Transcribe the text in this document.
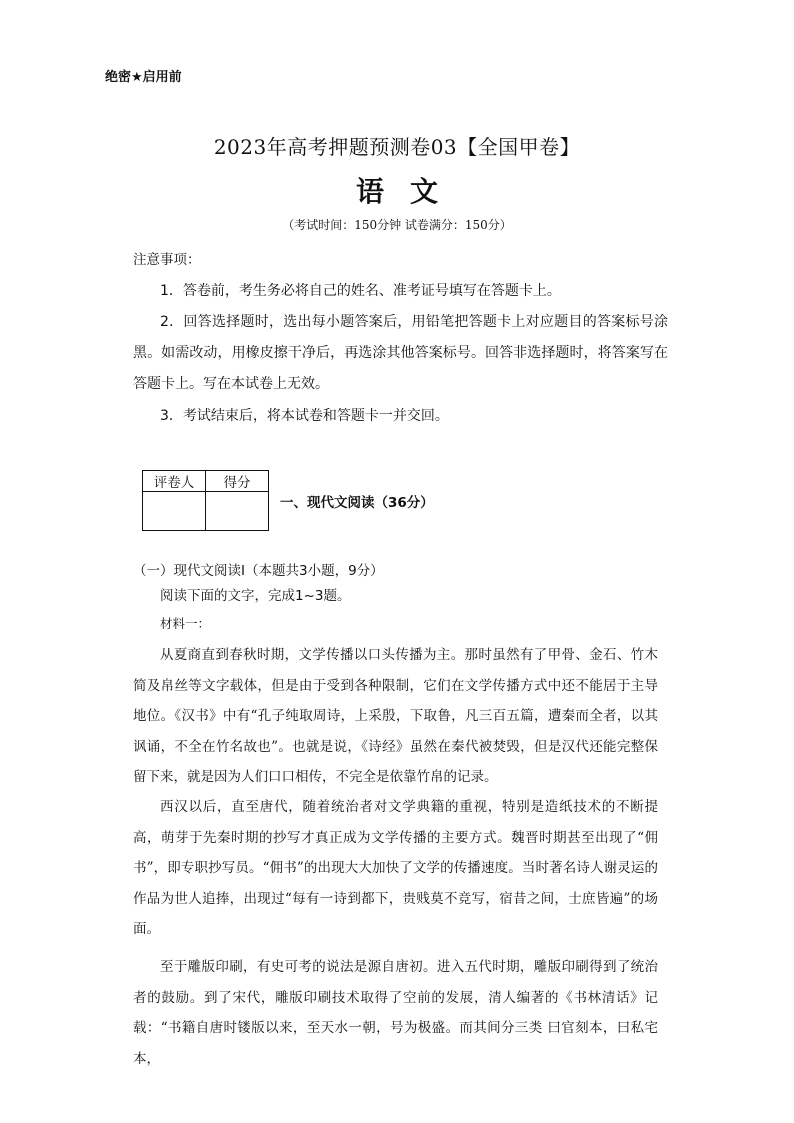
绝密★启用前
2023年高考押题预测卷03【全国甲卷】
语文
（考试时间：150分钟 试卷满分：150分）
注意事项：
1．答卷前，考生务必将自己的姓名、准考证号填写在答题卡上。
2．回答选择题时，选出每小题答案后，用铅笔把答题卡上对应题目的答案标号涂黑。如需改动，用橡皮擦干净后，再选涂其他答案标号。回答非选择题时，将答案写在答题卡上。写在本试卷上无效。
3．考试结束后，将本试卷和答题卡一并交回。
评卷人	得分

一、现代文阅读（36分）
（一）现代文阅读Ⅰ（本题共3小题，9分）
阅读下面的文字，完成1~3题。
材料一：
从夏商直到春秋时期，文学传播以口头传播为主。那时虽然有了甲骨、金石、竹木简及帛丝等文字载体，但是由于受到各种限制，它们在文学传播方式中还不能居于主导地位。《汉书》中有“孔子纯取周诗，上采殷，下取鲁，凡三百五篇，遭秦而全者，以其讽诵，不全在竹名故也”。也就是说，《诗经》虽然在秦代被焚毁，但是汉代还能完整保留下来，就是因为人们口口相传，不完全是依靠竹帛的记录。
西汉以后，直至唐代，随着统治者对文学典籍的重视，特别是造纸技术的不断提高，萌芽于先秦时期的抄写才真正成为文学传播的主要方式。魏晋时期甚至出现了“佣书”，即专职抄写员。“佣书”的出现大大加快了文学的传播速度。当时著名诗人谢灵运的作品为世人追捧，出现过“每有一诗到都下，贵贱莫不竞写，宿昔之间，士庶皆遍”的场面。
至于雕版印刷，有史可考的说法是源自唐初。进入五代时期，雕版印刷得到了统治者的鼓励。到了宋代，雕版印刷技术取得了空前的发展，清人编著的《书林清话》记载：“书籍自唐时镂版以来，至天水一朝，号为极盛。而其间分三类 曰官刻本，曰私宅本，
